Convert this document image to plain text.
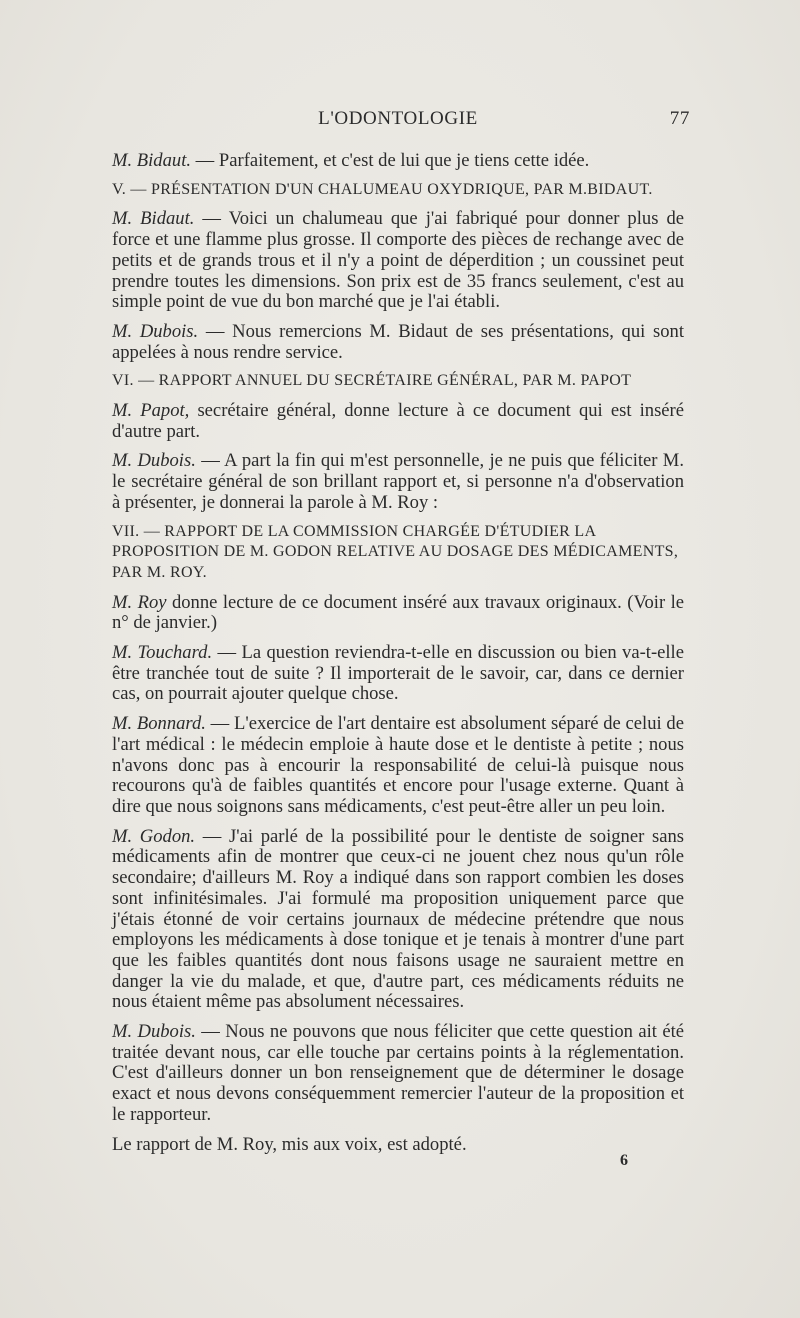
L'ODONTOLOGIE	77

M. Bidaut. — Parfaitement, et c'est de lui que je tiens cette idée.

V. — PRÉSENTATION D'UN CHALUMEAU OXYDRIQUE, PAR M.BIDAUT.

M. Bidaut. — Voici un chalumeau que j'ai fabriqué pour donner plus de force et une flamme plus grosse. Il comporte des pièces de rechange avec de petits et de grands trous et il n'y a point de déperdition ; un coussinet peut prendre toutes les dimensions. Son prix est de 35 francs seulement, c'est au simple point de vue du bon marché que je l'ai établi.

M. Dubois. — Nous remercions M. Bidaut de ses présentations, qui sont appelées à nous rendre service.

VI. — RAPPORT ANNUEL DU SECRÉTAIRE GÉNÉRAL, PAR M. PAPOT

M. Papot, secrétaire général, donne lecture à ce document qui est inséré d'autre part.

M. Dubois. — A part la fin qui m'est personnelle, je ne puis que féliciter M. le secrétaire général de son brillant rapport et, si personne n'a d'observation à présenter, je donnerai la parole à M. Roy :

VII. — RAPPORT DE LA COMMISSION CHARGÉE D'ÉTUDIER LA PROPOSITION DE M. GODON RELATIVE AU DOSAGE DES MÉDICAMENTS, PAR M. ROY.

M. Roy donne lecture de ce document inséré aux travaux originaux. (Voir le n° de janvier.)

M. Touchard. — La question reviendra-t-elle en discussion ou bien va-t-elle être tranchée tout de suite ? Il importerait de le savoir, car, dans ce dernier cas, on pourrait ajouter quelque chose.

M. Bonnard. — L'exercice de l'art dentaire est absolument séparé de celui de l'art médical : le médecin emploie à haute dose et le dentiste à petite ; nous n'avons donc pas à encourir la responsabilité de celui-là puisque nous recourons qu'à de faibles quantités et encore pour l'usage externe. Quant à dire que nous soignons sans médicaments, c'est peut-être aller un peu loin.

M. Godon. — J'ai parlé de la possibilité pour le dentiste de soigner sans médicaments afin de montrer que ceux-ci ne jouent chez nous qu'un rôle secondaire; d'ailleurs M. Roy a indiqué dans son rapport combien les doses sont infinitésimales. J'ai formulé ma proposition uniquement parce que j'étais étonné de voir certains journaux de médecine prétendre que nous employons les médicaments à dose tonique et je tenais à montrer d'une part que les faibles quantités dont nous faisons usage ne sauraient mettre en danger la vie du malade, et que, d'autre part, ces médicaments réduits ne nous étaient même pas absolument nécessaires.

M. Dubois. — Nous ne pouvons que nous féliciter que cette question ait été traitée devant nous, car elle touche par certains points à la réglementation. C'est d'ailleurs donner un bon renseignement que de déterminer le dosage exact et nous devons conséquemment remercier l'auteur de la proposition et le rapporteur.

Le rapport de M. Roy, mis aux voix, est adopté.

6
